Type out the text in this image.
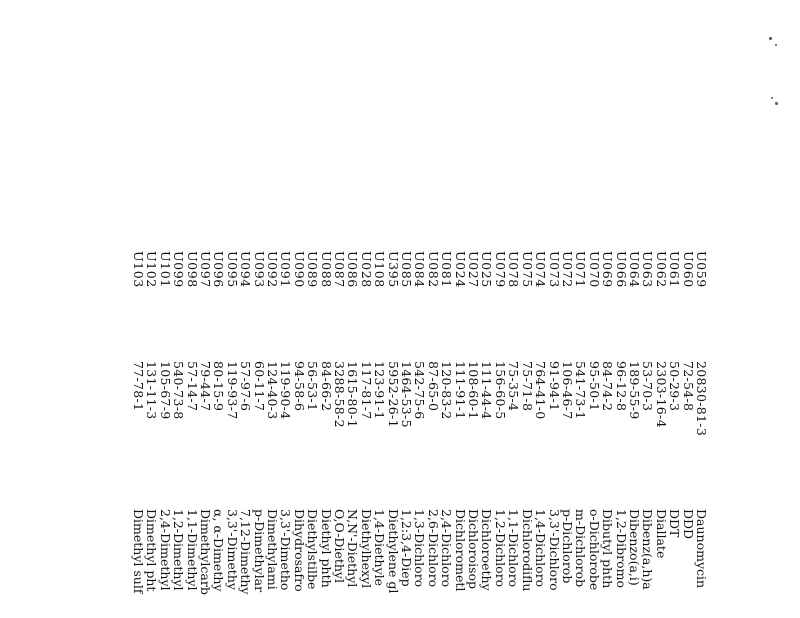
U059
20830-81-3
Daunomycin
U060
72-54-8
DDD
U061
50-29-3
DDT
U062
2303-16-4
Diallate
U063
53-70-3
Dibenz(a,h)a
U064
189-55-9
Dibenzo(a,i)
U066
96-12-8
1,2-Dibromo
U069
84-74-2
Dibutyl phth
U070
95-50-1
o-Dichlorobe
U071
541-73-1
m-Dichlorob
U072
106-46-7
p-Dichlorob
U073
91-94-1
3,3'-Dichloro
U074
764-41-0
1,4-Dichloro
U075
75-71-8
Dichlorodiflu
U078
75-35-4
1,1-Dichloro
U079
156-60-5
1,2-Dichloro
U025
111-44-4
Dichloroethy
U027
108-60-1
Dichloroisop
U024
111-91-1
Dichlorometl
U081
120-83-2
2,4-Dichloro
U082
87-65-0
2,6-Dichloro
U084
542-75-6
1,3-Dichloro
U085
1464-53-5
1,2:3,4-Diep
U395
5952-26-1
Diethylene gl
U108
123-91-1
1,4-Diethyle
U028
117-81-7
Diethylhexyl
U086
1615-80-1
N,N'-Diethyl
U087
3288-58-2
O,O-Diethyl
U088
84-66-2
Diethyl phth
U089
56-53-1
Diethylstilbe
U090
94-58-6
Dihydrosafro
U091
119-90-4
3,3'-Dimetho
U092
124-40-3
Dimethylami
U093
60-11-7
p-Dimethylar
U094
57-97-6
7,12-Dimethy
U095
119-93-7
3,3'-Dimethy
U096
80-15-9
α, α-Dimethy
U097
79-44-7
Dimethylcarb
U098
57-14-7
1,1-Dimethyl
U099
540-73-8
1,2-Dimethyl
U101
105-67-9
2,4-Dimethyl
U102
131-11-3
Dimethyl pht
U103
77-78-1
Dimethyl sulf
